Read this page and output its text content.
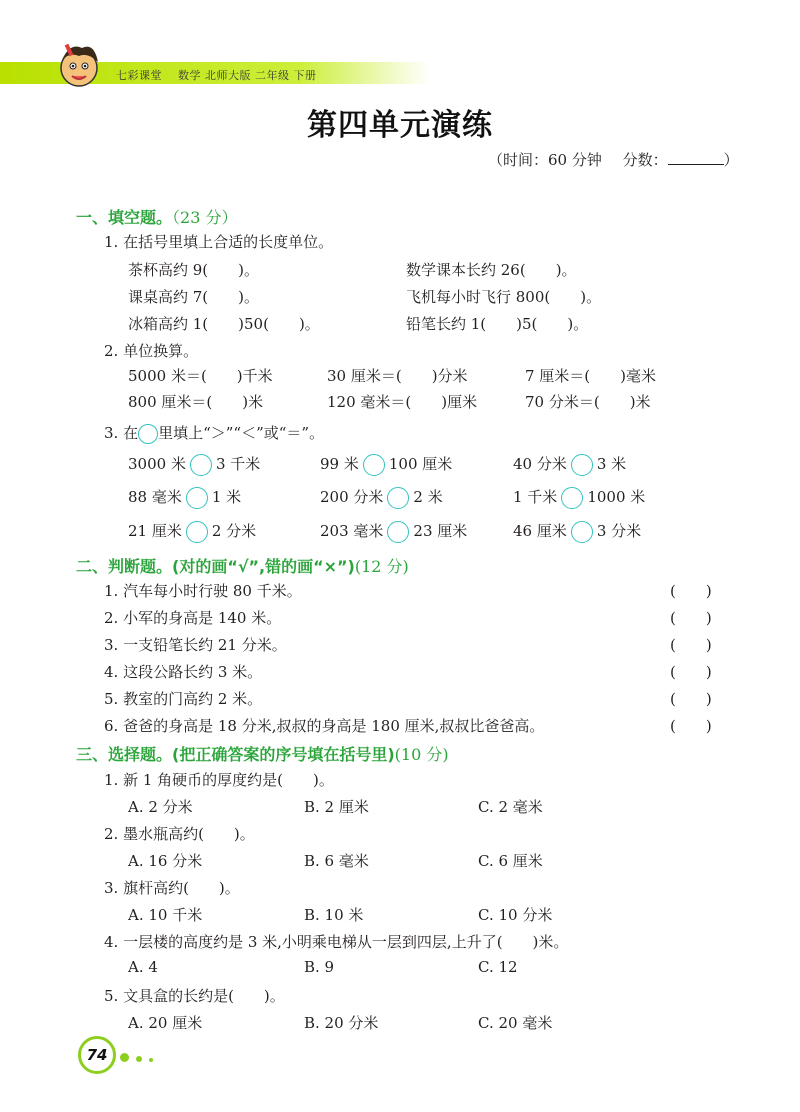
七彩课堂 数学 北师大版 二年级 下册
第四单元演练
（时间：60 分钟 分数：	）
一、填空题。（23 分）
1. 在括号里填上合适的长度单位。
茶杯高约 9(　　)。	数学课本长约 26(　　)。
课桌高约 7(　　)。	飞机每小时飞行 800(　　)。
冰箱高约 1(　　)50(　　)。	铅笔长约 1(　　)5(　　)。
2. 单位换算。
5000 米＝(　　)千米	30 厘米＝(　　)分米	7 厘米＝(　　)毫米
800 厘米＝(　　)米	120 毫米＝(　　)厘米	70 分米＝(　　)米
3. 在 里填上“＞”“＜”或“＝”。
3000 米 3 千米	99 米 100 厘米	40 分米 3 米
88 毫米 1 米	200 分米 2 米	1 千米 1000 米
21 厘米 2 分米	203 毫米 23 厘米	46 厘米 3 分米
二、判断题。(对的画“√”,错的画“×”)(12 分)
1. 汽车每小时行驶 80 千米。	(　　)
2. 小军的身高是 140 米。	(　　)
3. 一支铅笔长约 21 分米。	(　　)
4. 这段公路长约 3 米。	(　　)
5. 教室的门高约 2 米。	(　　)
6. 爸爸的身高是 18 分米,叔叔的身高是 180 厘米,叔叔比爸爸高。	(　　)
三、选择题。(把正确答案的序号填在括号里)(10 分)
1. 新 1 角硬币的厚度约是(　　)。
A. 2 分米	B. 2 厘米	C. 2 毫米
2. 墨水瓶高约(　　)。
A. 16 分米	B. 6 毫米	C. 6 厘米
3. 旗杆高约(　　)。
A. 10 千米	B. 10 米	C. 10 分米
4. 一层楼的高度约是 3 米,小明乘电梯从一层到四层,上升了(　　)米。
A. 4	B. 9	C. 12
5. 文具盒的长约是(　　)。
A. 20 厘米	B. 20 分米	C. 20 毫米
74
